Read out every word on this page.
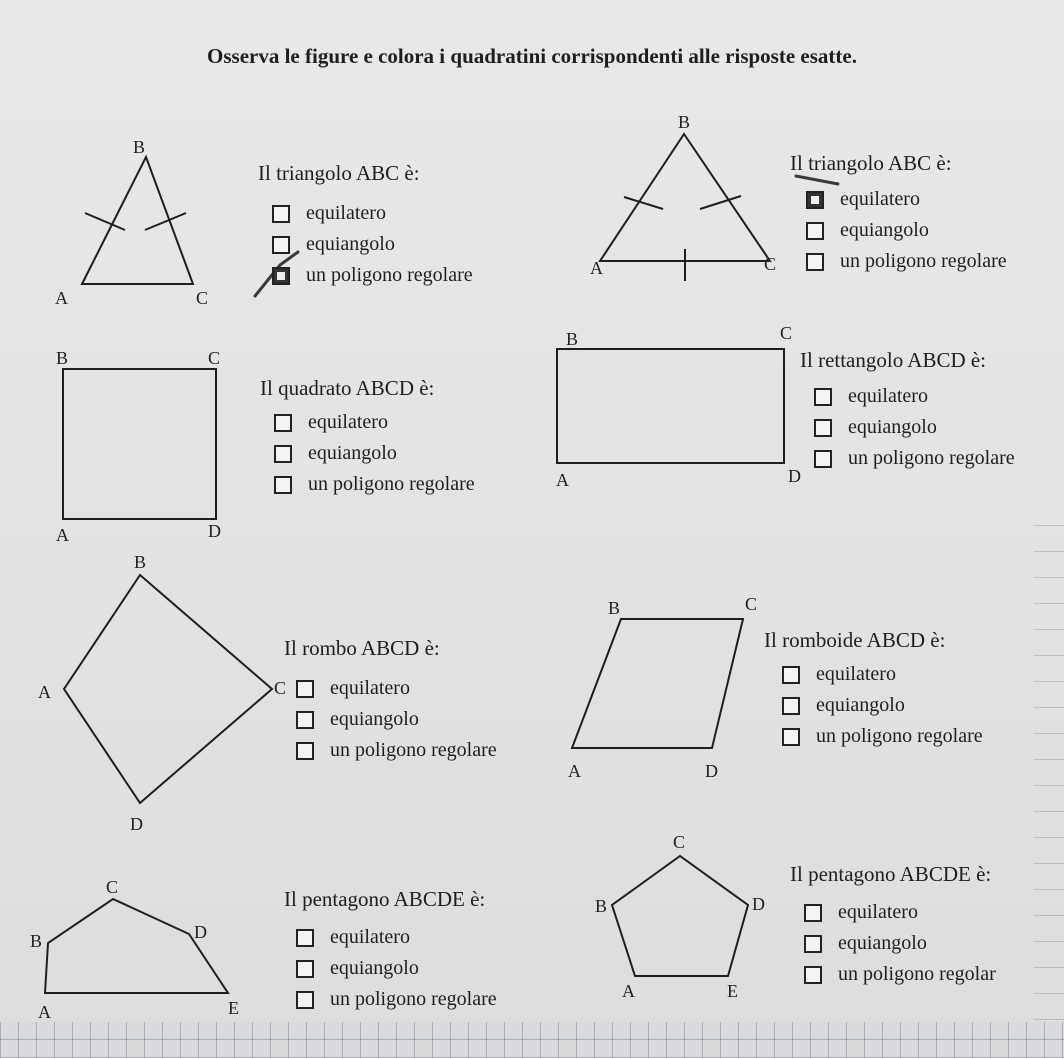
Osserva le figure e colora i quadratini corrispondenti alle risposte esatte.
B
A	C
B
A	C
B	C
A	D
B	C
A	D
B
A	C
D
B	C
A	D
C
D
B
A	E
C
B	D
A	E
Il triangolo ABC è:
equilatero
equiangolo
un poligono regolare
Il triangolo ABC è:
equilatero
equiangolo
un poligono regolare
Il quadrato ABCD è:
equilatero
equiangolo
un poligono regolare
Il rettangolo ABCD è:
equilatero
equiangolo
un poligono regolare
Il rombo ABCD è:
equilatero
equiangolo
un poligono regolare
Il romboide ABCD è:
equilatero
equiangolo
un poligono regolare
Il pentagono ABCDE è:
equilatero
equiangolo
un poligono regolare
Il pentagono ABCDE è:
equilatero
equiangolo
un poligono regolar
